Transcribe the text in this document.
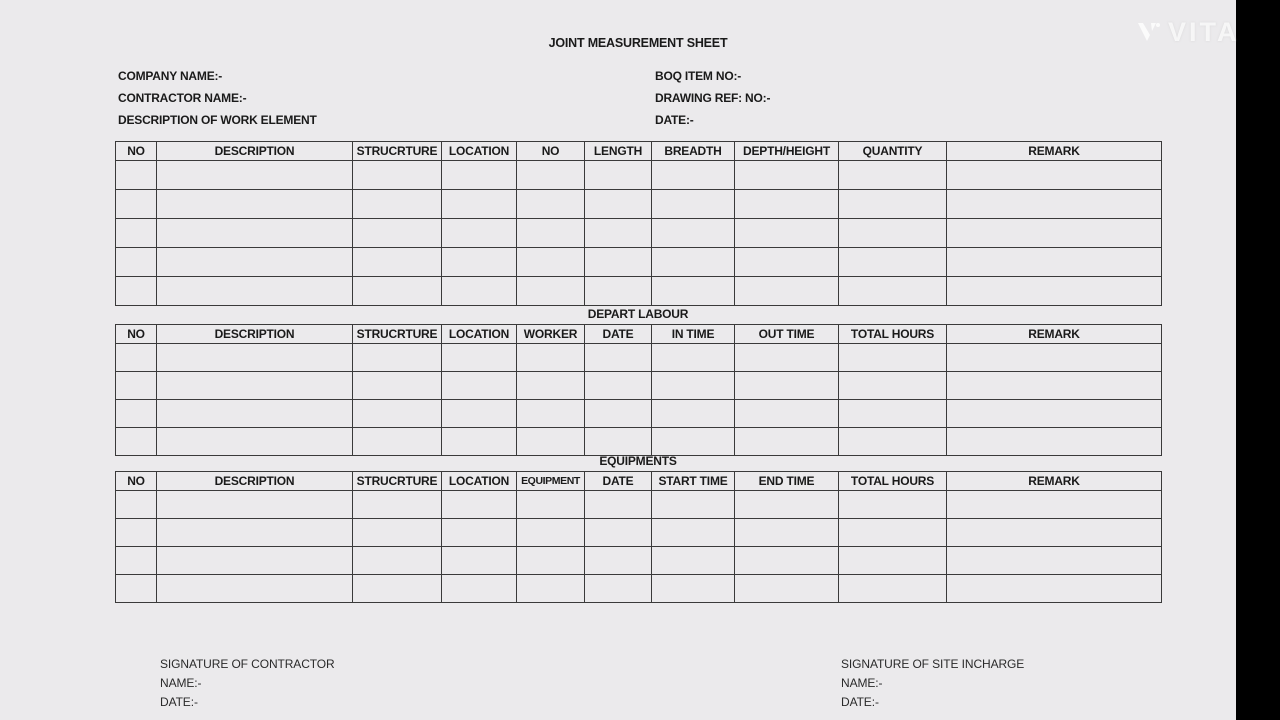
JOINT MEASUREMENT SHEET
COMPANY NAME:-
CONTRACTOR NAME:-
DESCRIPTION OF WORK ELEMENT
BOQ ITEM NO:-
DRAWING REF: NO:-
DATE:-
NO	DESCRIPTION	STRUCRTURE	LOCATION	NO	LENGTH	BREADTH	DEPTH/HEIGHT	QUANTITY	REMARK

DEPART LABOUR
NO	DESCRIPTION	STRUCRTURE	LOCATION	WORKER	DATE	IN TIME	OUT TIME	TOTAL HOURS	REMARK

EQUIPMENTS
NO	DESCRIPTION	STRUCRTURE	LOCATION	EQUIPMENT	DATE	START TIME	END TIME	TOTAL HOURS	REMARK

SIGNATURE OF CONTRACTOR
NAME:-
DATE:-
SIGNATURE OF SITE INCHARGE
NAME:-
DATE:-
VITA
